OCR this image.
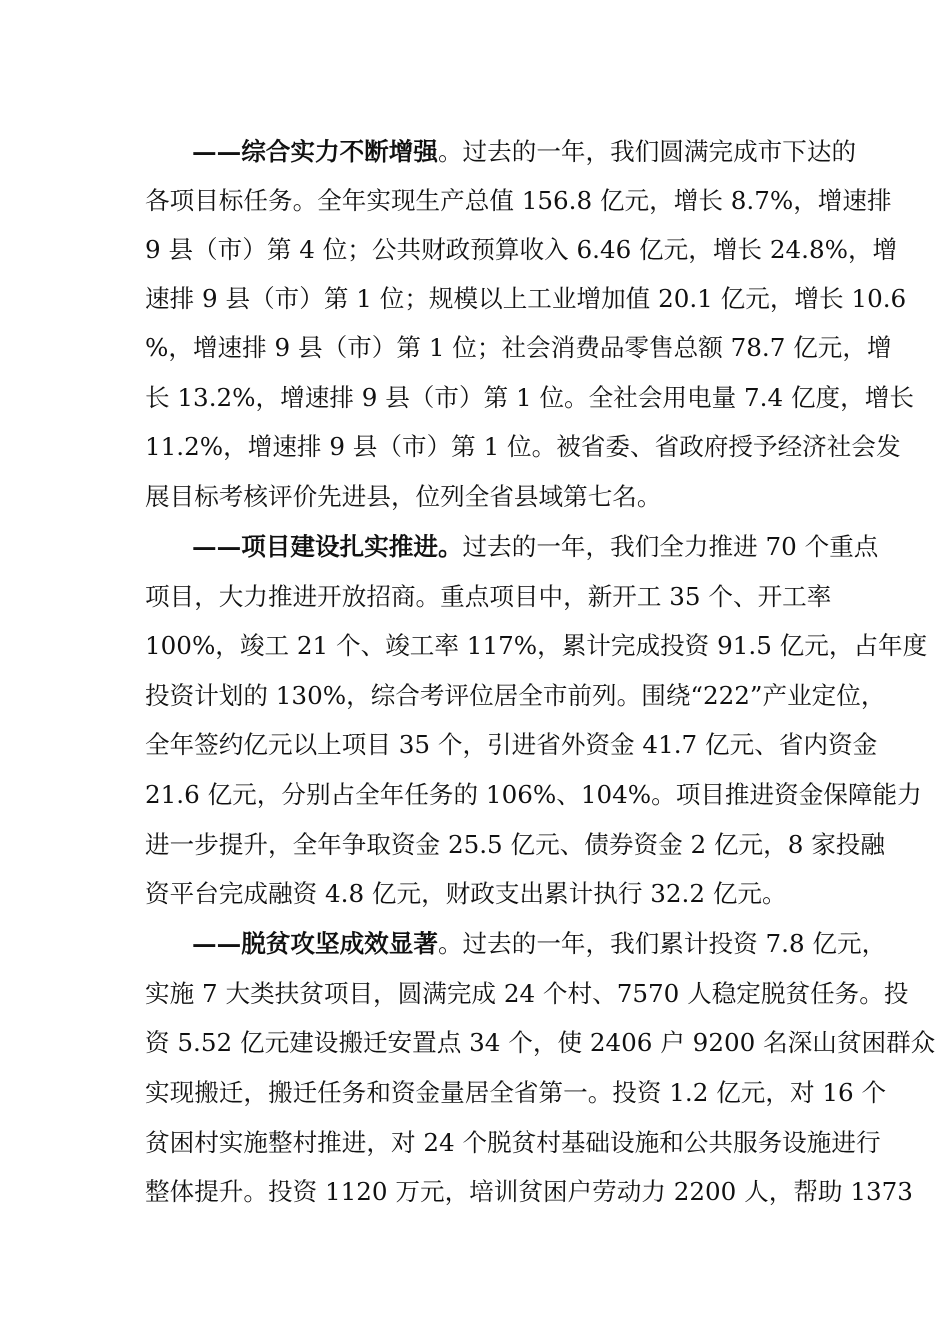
——综合实力不断增强。过去的一年，我们圆满完成市下达的
各项目标任务。全年实现生产总值 156.8 亿元，增长 8.7%，增速排
9 县（市）第 4 位；公共财政预算收入 6.46 亿元，增长 24.8%，增
速排 9 县（市）第 1 位；规模以上工业增加值 20.1 亿元，增长 10.6
%，增速排 9 县（市）第 1 位；社会消费品零售总额 78.7 亿元，增
长 13.2%，增速排 9 县（市）第 1 位。全社会用电量 7.4 亿度，增长
11.2%，增速排 9 县（市）第 1 位。被省委、省政府授予经济社会发
展目标考核评价先进县，位列全省县域第七名。
——项目建设扎实推进。过去的一年，我们全力推进 70 个重点
项目，大力推进开放招商。重点项目中，新开工 35 个、开工率
100%，竣工 21 个、竣工率 117%，累计完成投资 91.5 亿元，占年度
投资计划的 130%，综合考评位居全市前列。围绕“222”产业定位，
全年签约亿元以上项目 35 个，引进省外资金 41.7 亿元、省内资金
21.6 亿元，分别占全年任务的 106%、104%。项目推进资金保障能力
进一步提升，全年争取资金 25.5 亿元、债券资金 2 亿元，8 家投融
资平台完成融资 4.8 亿元，财政支出累计执行 32.2 亿元。
——脱贫攻坚成效显著。过去的一年，我们累计投资 7.8 亿元，
实施 7 大类扶贫项目，圆满完成 24 个村、7570 人稳定脱贫任务。投
资 5.52 亿元建设搬迁安置点 34 个，使 2406 户 9200 名深山贫困群众
实现搬迁，搬迁任务和资金量居全省第一。投资 1.2 亿元，对 16 个
贫困村实施整村推进，对 24 个脱贫村基础设施和公共服务设施进行
整体提升。投资 1120 万元，培训贫困户劳动力 2200 人，帮助 1373
